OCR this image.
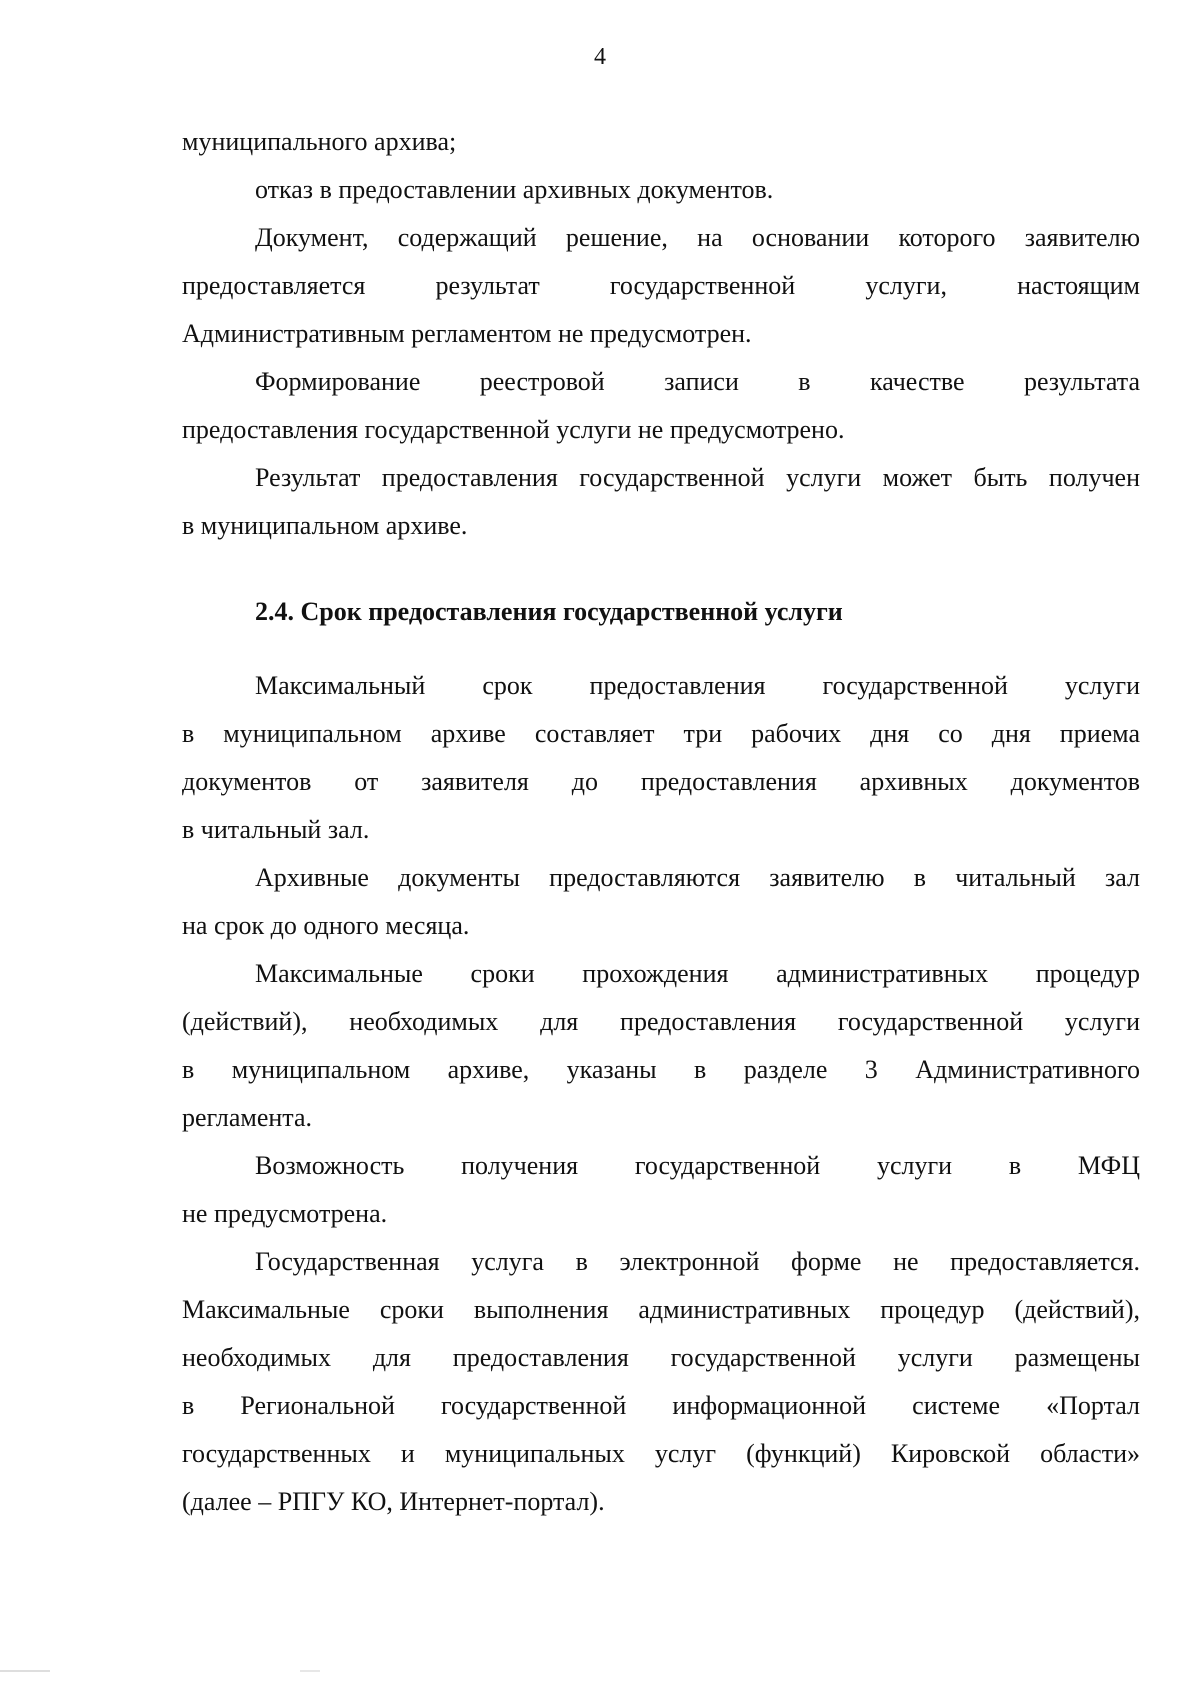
4
муниципального архива;
отказ в предоставлении архивных документов.
Документ, содержащий решение, на основании которого заявителю
предоставляется результат государственной услуги, настоящим
Административным регламентом не предусмотрен.
Формирование реестровой записи в качестве результата
предоставления государственной услуги не предусмотрено.
Результат предоставления государственной услуги может быть получен
в муниципальном архиве.
2.4. Срок предоставления государственной услуги
Максимальный срок предоставления государственной услуги
в муниципальном архиве составляет три рабочих дня со дня приема
документов от заявителя до предоставления архивных документов
в читальный зал.
Архивные документы предоставляются заявителю в читальный зал
на срок до одного месяца.
Максимальные сроки прохождения административных процедур
(действий), необходимых для предоставления государственной услуги
в муниципальном архиве, указаны в разделе 3 Административного
регламента.
Возможность получения государственной услуги в МФЦ
не предусмотрена.
Государственная услуга в электронной форме не предоставляется.
Максимальные сроки выполнения административных процедур (действий),
необходимых для предоставления государственной услуги размещены
в Региональной государственной информационной системе «Портал
государственных и муниципальных услуг (функций) Кировской области»
(далее – РПГУ КО, Интернет-портал).
